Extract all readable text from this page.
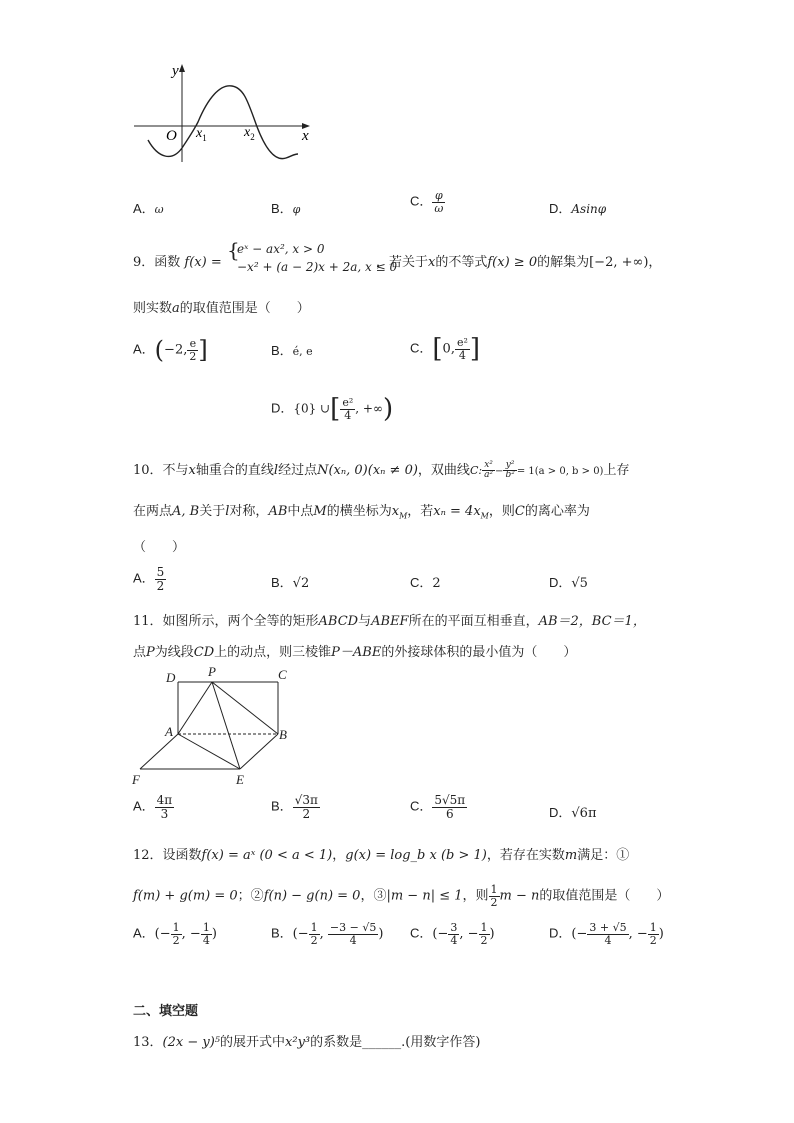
y
O $x_1$	$x_2$	x
A．ω	B．φ
C． $\frac{\varphi}{\omega}$	D．Asinφ
9．函数 f(x) =
{
eˣ − ax², x > 0
−x² + (a − 2)x + 2a, x ≤ 0
，若关于x的不等式f(x) ≥ 0的解集为[−2, +∞)，
则实数a的取值范围是（　　）
A．(−2, $\frac{e}{2}$ ]	B．é, e	C．[0, $\frac{\text{e²}}{4}$ ]
D．{0} ∪[ $\frac{\text{e²}}{4}$ , +∞)
10．不与x轴重合的直线l经过点N(xₙ, 0)(xₙ ≠ 0)，双曲线C: $\frac{\text{x²}}{\text{a²}} - \frac{\text{y²}}{\text{b²}} = 1(a > 0$, b > 0)上存
在两点A, B关于l对称，AB中点M的横坐标为$x_M$，若$x_n = 4x_M$，则C的离心率为
（　　）
A． $\frac{5}{2}$	B．√2	C．2	D．√5
11．如图所示，两个全等的矩形ABCD与ABEF所在的平面互相垂直，AB＝2，BC＝1，
点P为线段CD上的动点，则三棱锥P－ABE的外接球体积的最小值为（　　）
D	P	C
A	B
F	E
A． $\frac{4\pi}{3}$	B． $\frac{√3\pi}{2}$	C． $\frac{5√5\pi}{6}$	D．√6π
12．设函数f(x) = aˣ (0 < a < 1)，g(x) = log_b x (b > 1)，若存在实数m满足：①
f(m) + g(m) = 0；②f(n) − g(n) = 0，③|m − n| ≤ 1，则 $\frac{1}{2}$ m − n的取值范围是（　　）
A．(− $\frac{1}{2}$ , − $\frac{1}{4}$ )	B．(− $\frac{1}{2}$ , $\frac{-3 - √5}{4}$ ) C．(− $\frac{3}{4}$ , − $\frac{1}{2}$ )	D．(− $\frac{3 + √5}{4}$ , − $\frac{1}{2}$ )
二、填空题
13．(2x − y)⁵的展开式中x²y³的系数是______.(用数字作答)
